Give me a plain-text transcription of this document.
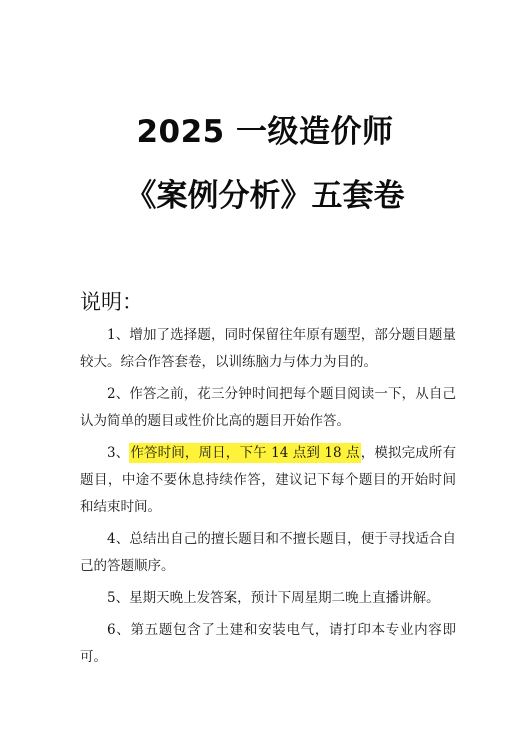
2025 一级造价师
《案例分析》五套卷
说明：

1、增加了选择题，同时保留往年原有题型，部分题目题量较大。综合作答套卷，以训练脑力与体力为目的。

2、作答之前，花三分钟时间把每个题目阅读一下，从自己认为简单的题目或性价比高的题目开始作答。

3、作答时间，周日，下午 14 点到 18 点，模拟完成所有题目，中途不要休息持续作答，建议记下每个题目的开始时间和结束时间。

4、总结出自己的擅长题目和不擅长题目，便于寻找适合自己的答题顺序。

5、星期天晚上发答案，预计下周星期二晚上直播讲解。

6、第五题包含了土建和安装电气，请打印本专业内容即可。
